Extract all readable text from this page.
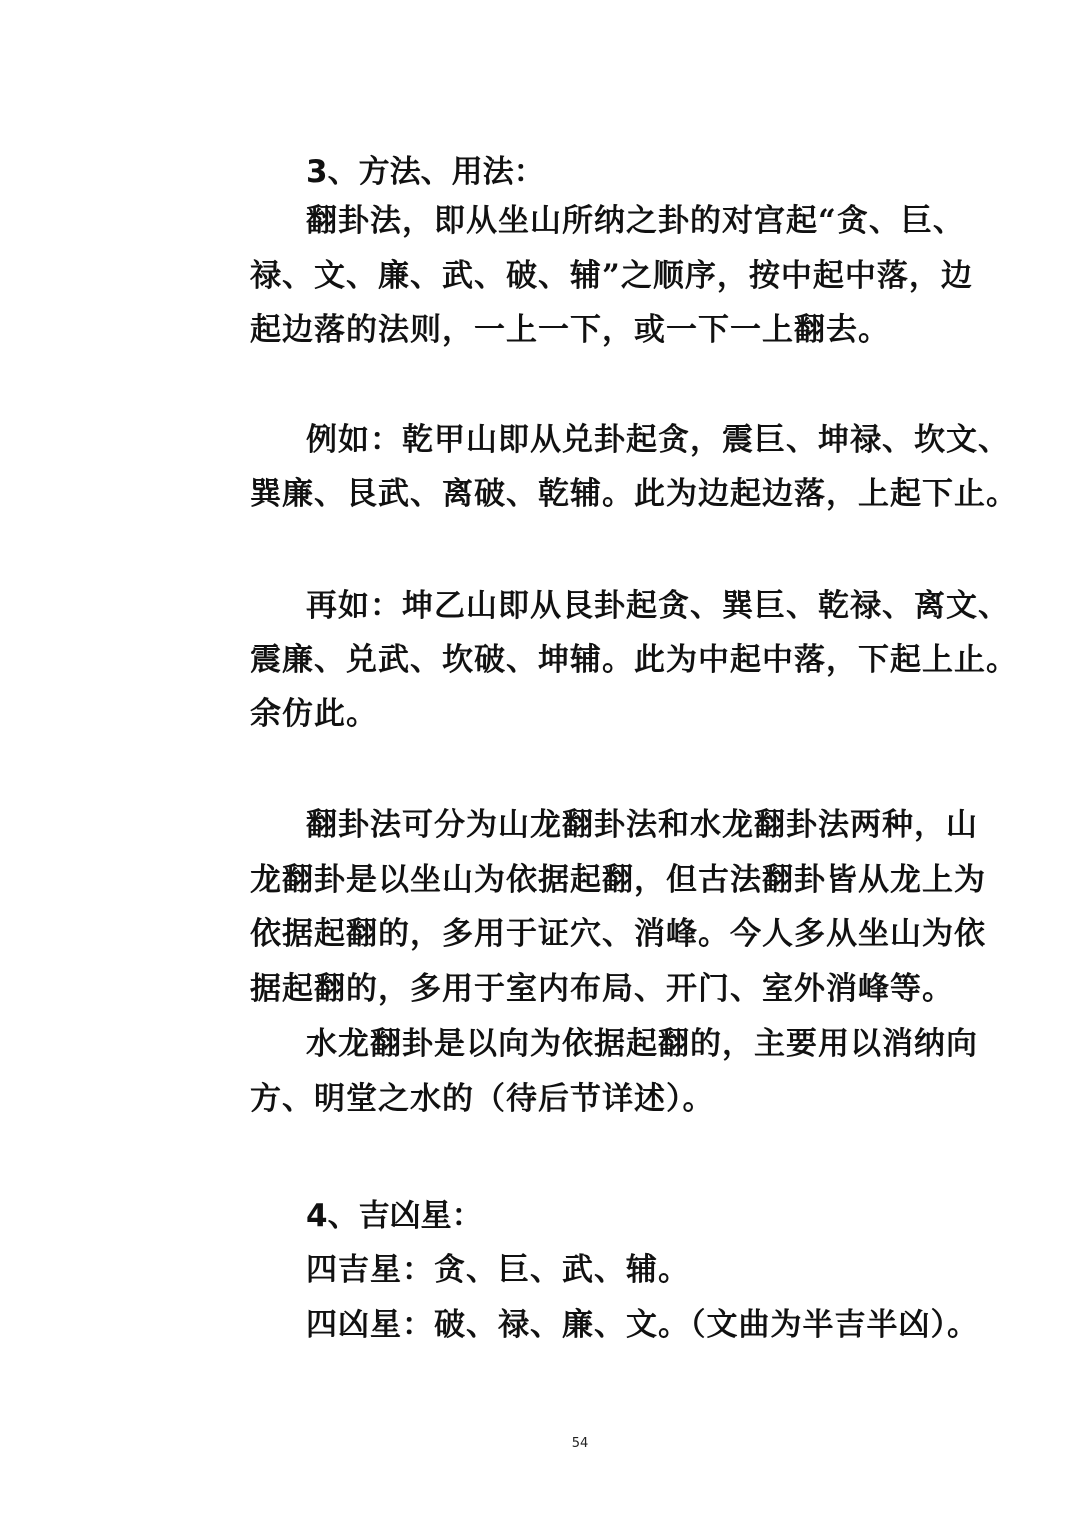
3、方法、用法：
翻卦法，即从坐山所纳之卦的对宫起“贪、巨、
禄、文、廉、武、破、辅”之顺序，按中起中落，边
起边落的法则，一上一下，或一下一上翻去。
例如：乾甲山即从兑卦起贪，震巨、坤禄、坎文、
巽廉、艮武、离破、乾辅。此为边起边落，上起下止。
再如：坤乙山即从艮卦起贪、巽巨、乾禄、离文、
震廉、兑武、坎破、坤辅。此为中起中落，下起上止。
余仿此。
翻卦法可分为山龙翻卦法和水龙翻卦法两种，山
龙翻卦是以坐山为依据起翻，但古法翻卦皆从龙上为
依据起翻的，多用于证穴、消峰。今人多从坐山为依
据起翻的，多用于室内布局、开门、室外消峰等。
水龙翻卦是以向为依据起翻的，主要用以消纳向
方、明堂之水的（待后节详述）。
4、吉凶星：
四吉星：贪、巨、武、辅。
四凶星：破、禄、廉、文。（文曲为半吉半凶）。
54
